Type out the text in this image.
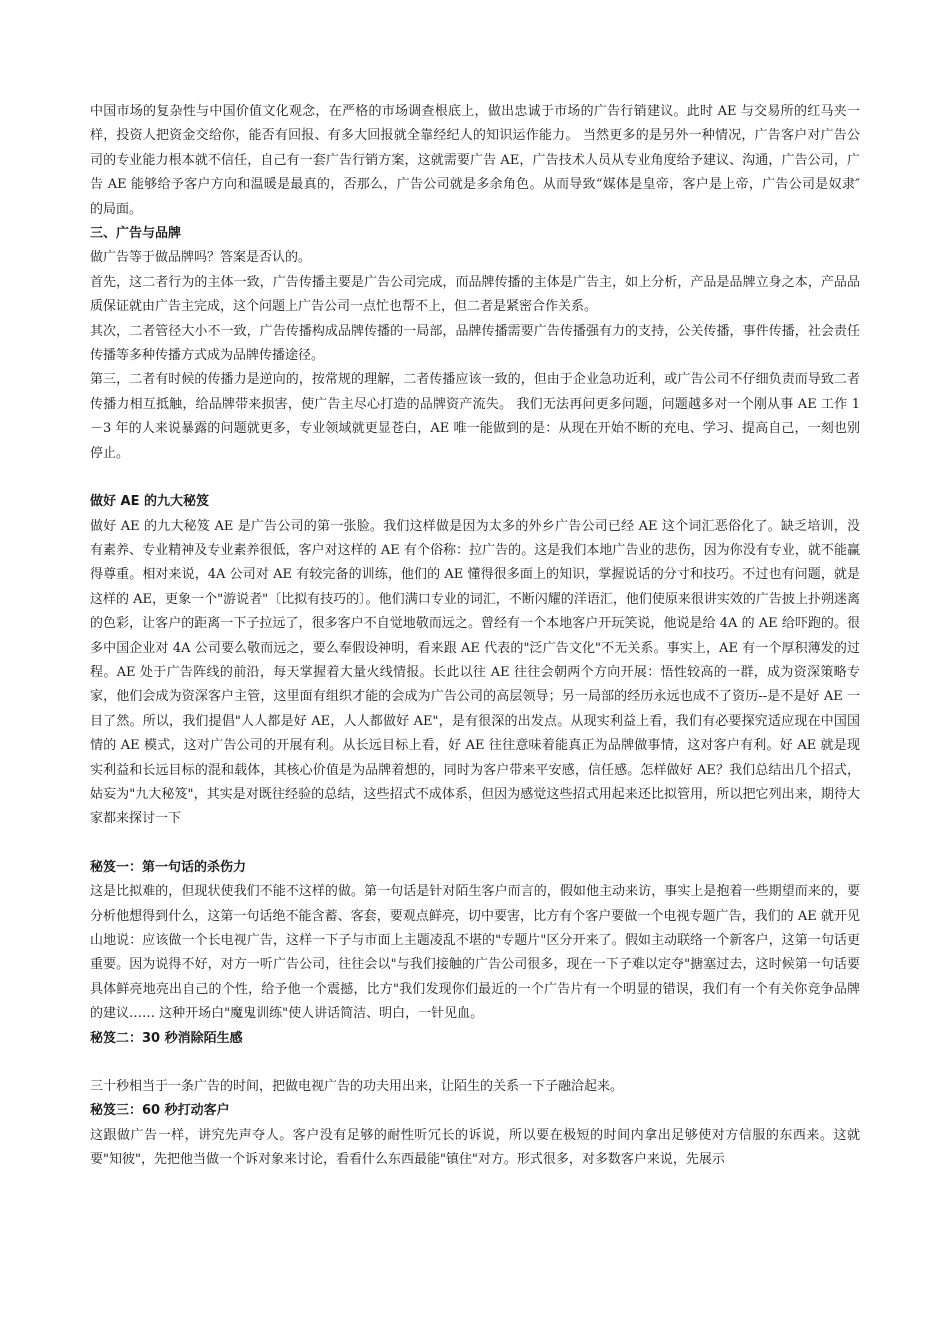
中国市场的复杂性与中国价值文化观念，在严格的市场调查根底上，做出忠诚于市场的广告行销建议。此时 AE 与交易所的红马夹一样，投资人把资金交给你，能否有回报、有多大回报就全靠经纪人的知识运作能力。 当然更多的是另外一种情况，广告客户对广告公司的专业能力根本就不信任，自己有一套广告行销方案，这就需要广告 AE，广告技术人员从专业角度给予建议、沟通，广告公司，广告 AE 能够给予客户方向和温暖是最真的，否那么，广告公司就是多余角色。从而导致“媒体是皇帝，客户是上帝，广告公司是奴隶″ 的局面。

三、广告与品牌

做广告等于做品牌吗？答案是否认的。

首先，这二者行为的主体一致，广告传播主要是广告公司完成，而品牌传播的主体是广告主，如上分析，产品是品牌立身之本，产品品质保证就由广告主完成，这个问题上广告公司一点忙也帮不上，但二者是紧密合作关系。

其次，二者管径大小不一致，广告传播构成品牌传播的一局部，品牌传播需要广告传播强有力的支持，公关传播，事件传播，社会责任传播等多种传播方式成为品牌传播途径。

第三，二者有时候的传播力是逆向的，按常规的理解，二者传播应该一致的，但由于企业急功近利，或广告公司不仔细负责而导致二者传播力相互抵触，给品牌带来损害，使广告主尽心打造的品牌资产流失。 我们无法再问更多问题，问题越多对一个刚从事 AE 工作 1－3 年的人来说暴露的问题就更多，专业领域就更显苍白，AE 唯一能做到的是：从现在开始不断的充电、学习、提高自己，一刻也别停止。

做好 AE 的九大秘笈

做好 AE 的九大秘笈 AE 是广告公司的第一张脸。我们这样做是因为太多的外乡广告公司已经 AE 这个词汇恶俗化了。缺乏培训，没有素养、专业精神及专业素养很低，客户对这样的 AE 有个俗称：拉广告的。这是我们本地广告业的悲伤，因为你没有专业，就不能赢得尊重。相对来说，4A 公司对 AE 有较完备的训练，他们的 AE 懂得很多面上的知识，掌握说话的分寸和技巧。不过也有问题，就是这样的 AE，更象一个"游说者"〔比拟有技巧的〕。他们满口专业的词汇，不断闪耀的洋语汇，他们使原来很讲实效的广告披上扑朔迷离的色彩，让客户的距离一下子拉远了，很多客户不自觉地敬而远之。曾经有一个本地客户开玩笑说，他说是给 4A 的 AE 给吓跑的。很多中国企业对 4A 公司要么敬而远之，要么奉假设神明，看来跟 AE 代表的"泛广告文化"不无关系。事实上，AE 有一个厚积薄发的过程。AE 处于广告阵线的前沿，每天掌握着大量火线情报。长此以往 AE 往往会朝两个方向开展：悟性较高的一群，成为资深策略专家，他们会成为资深客户主管，这里面有组织才能的会成为广告公司的高层领导；另一局部的经历永远也成不了资历--是不是好 AE 一目了然。所以，我们提倡"人人都是好 AE，人人都做好 AE"，是有很深的出发点。从现实利益上看，我们有必要探究适应现在中国国情的 AE 模式，这对广告公司的开展有利。从长远目标上看，好 AE 往往意味着能真正为品牌做事情，这对客户有利。好 AE 就是现实利益和长远目标的混和载体，其核心价值是为品牌着想的，同时为客户带来平安感，信任感。怎样做好 AE？我们总结出几个招式，姑妄为"九大秘笈"，其实是对既往经验的总结，这些招式不成体系，但因为感觉这些招式用起来还比拟管用，所以把它列出来，期待大家都来探讨一下

秘笈一：第一句话的杀伤力

这是比拟难的，但现状使我们不能不这样的做。第一句话是针对陌生客户而言的，假如他主动来访，事实上是抱着一些期望而来的，要分析他想得到什么，这第一句话绝不能含蓄、客套，要观点鲜亮，切中要害，比方有个客户要做一个电视专题广告，我们的 AE 就开见山地说：应该做一个长电视广告，这样一下子与市面上主题凌乱不堪的"专题片"区分开来了。假如主动联络一个新客户，这第一句话更重要。因为说得不好，对方一听广告公司，往往会以"与我们接触的广告公司很多，现在一下子难以定夺"搪塞过去，这时候第一句话要具体鲜亮地亮出自己的个性，给予他一个震撼，比方"我们发现你们最近的一个广告片有一个明显的错误，我们有一个有关你竞争品牌的建议…… 这种开场白"魔鬼训练"使人讲话简洁、明白，一针见血。

秘笈二：30 秒消除陌生感

三十秒相当于一条广告的时间，把做电视广告的功夫用出来，让陌生的关系一下子融洽起来。

秘笈三：60 秒打动客户

这跟做广告一样，讲究先声夺人。客户没有足够的耐性听冗长的诉说，所以要在极短的时间内拿出足够使对方信服的东西来。这就要"知彼"，先把他当做一个诉对象来讨论，看看什么东西最能"镇住"对方。形式很多，对多数客户来说，先展示
